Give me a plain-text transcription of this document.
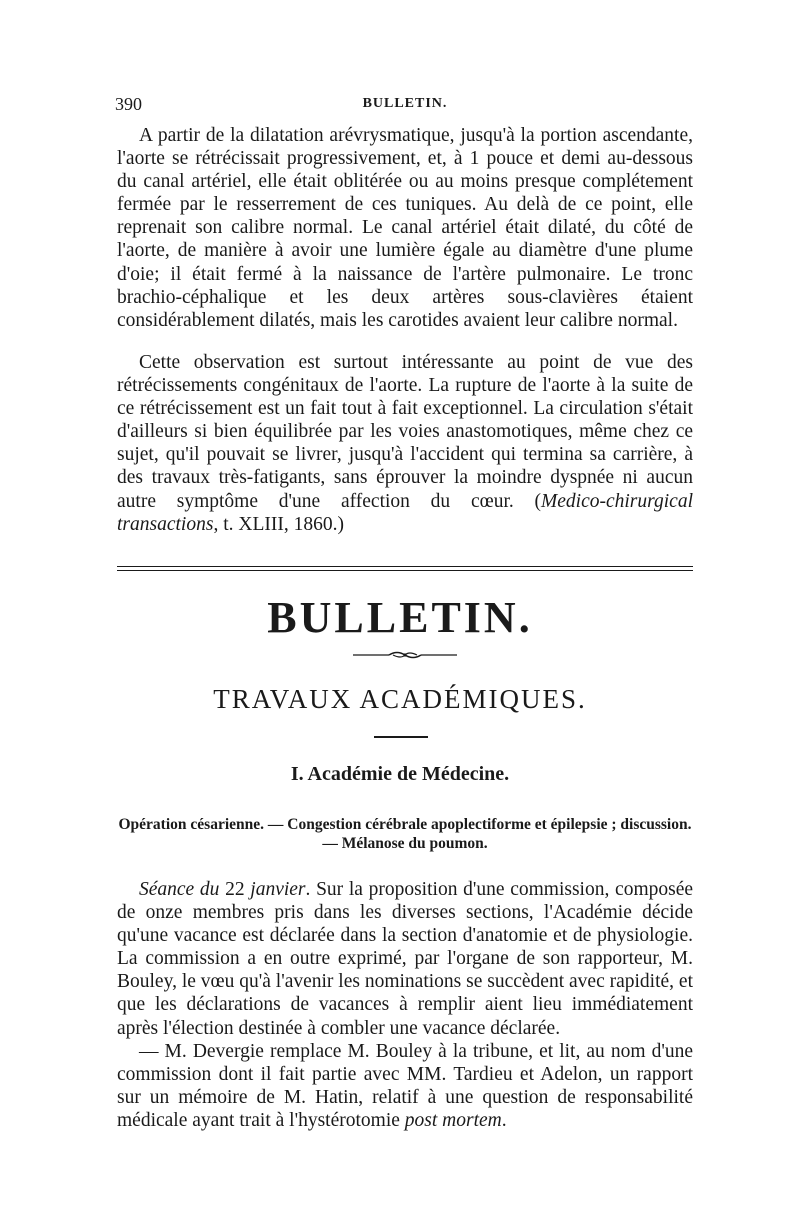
390	BULLETIN.

A partir de la dilatation arévrysmatique, jusqu'à la portion ascendante, l'aorte se rétrécissait progressivement, et, à 1 pouce et demi au-dessous du canal artériel, elle était oblitérée ou au moins presque complétement fermée par le resserrement de ces tuniques. Au delà de ce point, elle reprenait son calibre normal. Le canal artériel était dilaté, du côté de l'aorte, de manière à avoir une lumière égale au diamètre d'une plume d'oie; il était fermé à la naissance de l'artère pulmonaire. Le tronc brachio-céphalique et les deux artères sous-clavières étaient considérablement dilatés, mais les carotides avaient leur calibre normal.

Cette observation est surtout intéressante au point de vue des rétrécissements congénitaux de l'aorte. La rupture de l'aorte à la suite de ce rétrécissement est un fait tout à fait exceptionnel. La circulation s'était d'ailleurs si bien équilibrée par les voies anastomotiques, même chez ce sujet, qu'il pouvait se livrer, jusqu'à l'accident qui termina sa carrière, à des travaux très-fatigants, sans éprouver la moindre dyspnée ni aucun autre symptôme d'une affection du cœur. (Medico-chirurgical transactions, t. XLIII, 1860.)

BULLETIN.
TRAVAUX ACADÉMIQUES.
I. Académie de Médecine.
Opération césarienne. — Congestion cérébrale apoplectiforme et épilepsie ; discussion. — Mélanose du poumon.

Séance du 22 janvier. Sur la proposition d'une commission, composée de onze membres pris dans les diverses sections, l'Académie décide qu'une vacance est déclarée dans la section d'anatomie et de physiologie. La commission a en outre exprimé, par l'organe de son rapporteur, M. Bouley, le vœu qu'à l'avenir les nominations se succèdent avec rapidité, et que les déclarations de vacances à remplir aient lieu immédiatement après l'élection destinée à combler une vacance déclarée.

— M. Devergie remplace M. Bouley à la tribune, et lit, au nom d'une commission dont il fait partie avec MM. Tardieu et Adelon, un rapport sur un mémoire de M. Hatin, relatif à une question de responsabilité médicale ayant trait à l'hystérotomie post mortem.
